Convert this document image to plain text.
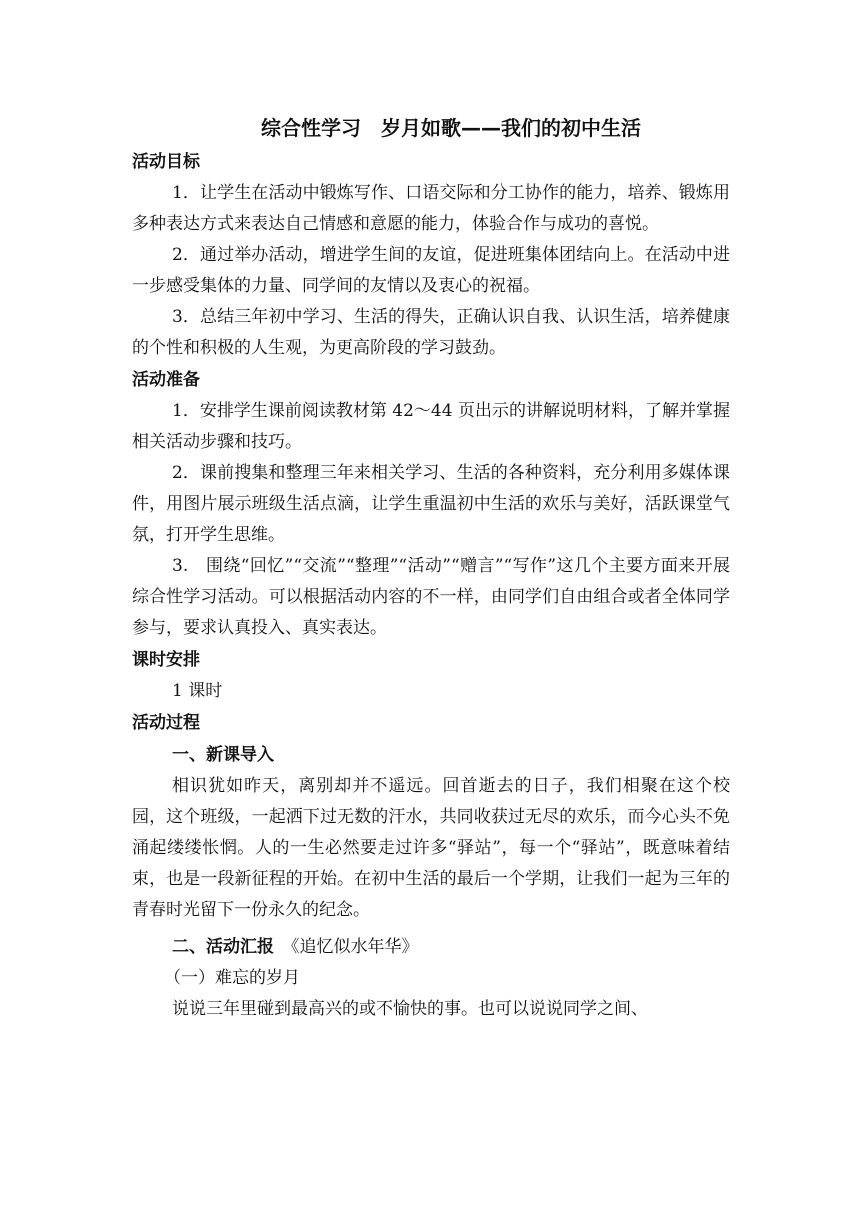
综合性学习　岁月如歌——我们的初中生活
活动目标

1．让学生在活动中锻炼写作、口语交际和分工协作的能力，培养、锻炼用多种表达方式来表达自己情感和意愿的能力，体验合作与成功的喜悦。

2．通过举办活动，增进学生间的友谊，促进班集体团结向上。在活动中进一步感受集体的力量、同学间的友情以及衷心的祝福。

3．总结三年初中学习、生活的得失，正确认识自我、认识生活，培养健康的个性和积极的人生观，为更高阶段的学习鼓劲。

活动准备

1．安排学生课前阅读教材第 42～44 页出示的讲解说明材料，了解并掌握相关活动步骤和技巧。

2．课前搜集和整理三年来相关学习、生活的各种资料，充分利用多媒体课件，用图片展示班级生活点滴，让学生重温初中生活的欢乐与美好，活跃课堂气氛，打开学生思维。

3.　围绕“回忆”“交流”“整理”“活动”“赠言”“写作”这几个主要方面来开展综合性学习活动。可以根据活动内容的不一样，由同学们自由组合或者全体同学参与，要求认真投入、真实表达。

课时安排

1 课时

活动过程
一、新课导入

相识犹如昨天，离别却并不遥远。回首逝去的日子，我们相聚在这个校园，这个班级，一起洒下过无数的汗水，共同收获过无尽的欢乐，而今心头不免涌起缕缕怅惘。人的一生必然要走过许多“驿站”，每一个“驿站”，既意味着结束，也是一段新征程的开始。在初中生活的最后一个学期，让我们一起为三年的青春时光留下一份永久的纪念。

二、活动汇报　《追忆似水年华》

（一）难忘的岁月

说说三年里碰到最高兴的或不愉快的事。也可以说说同学之间、
